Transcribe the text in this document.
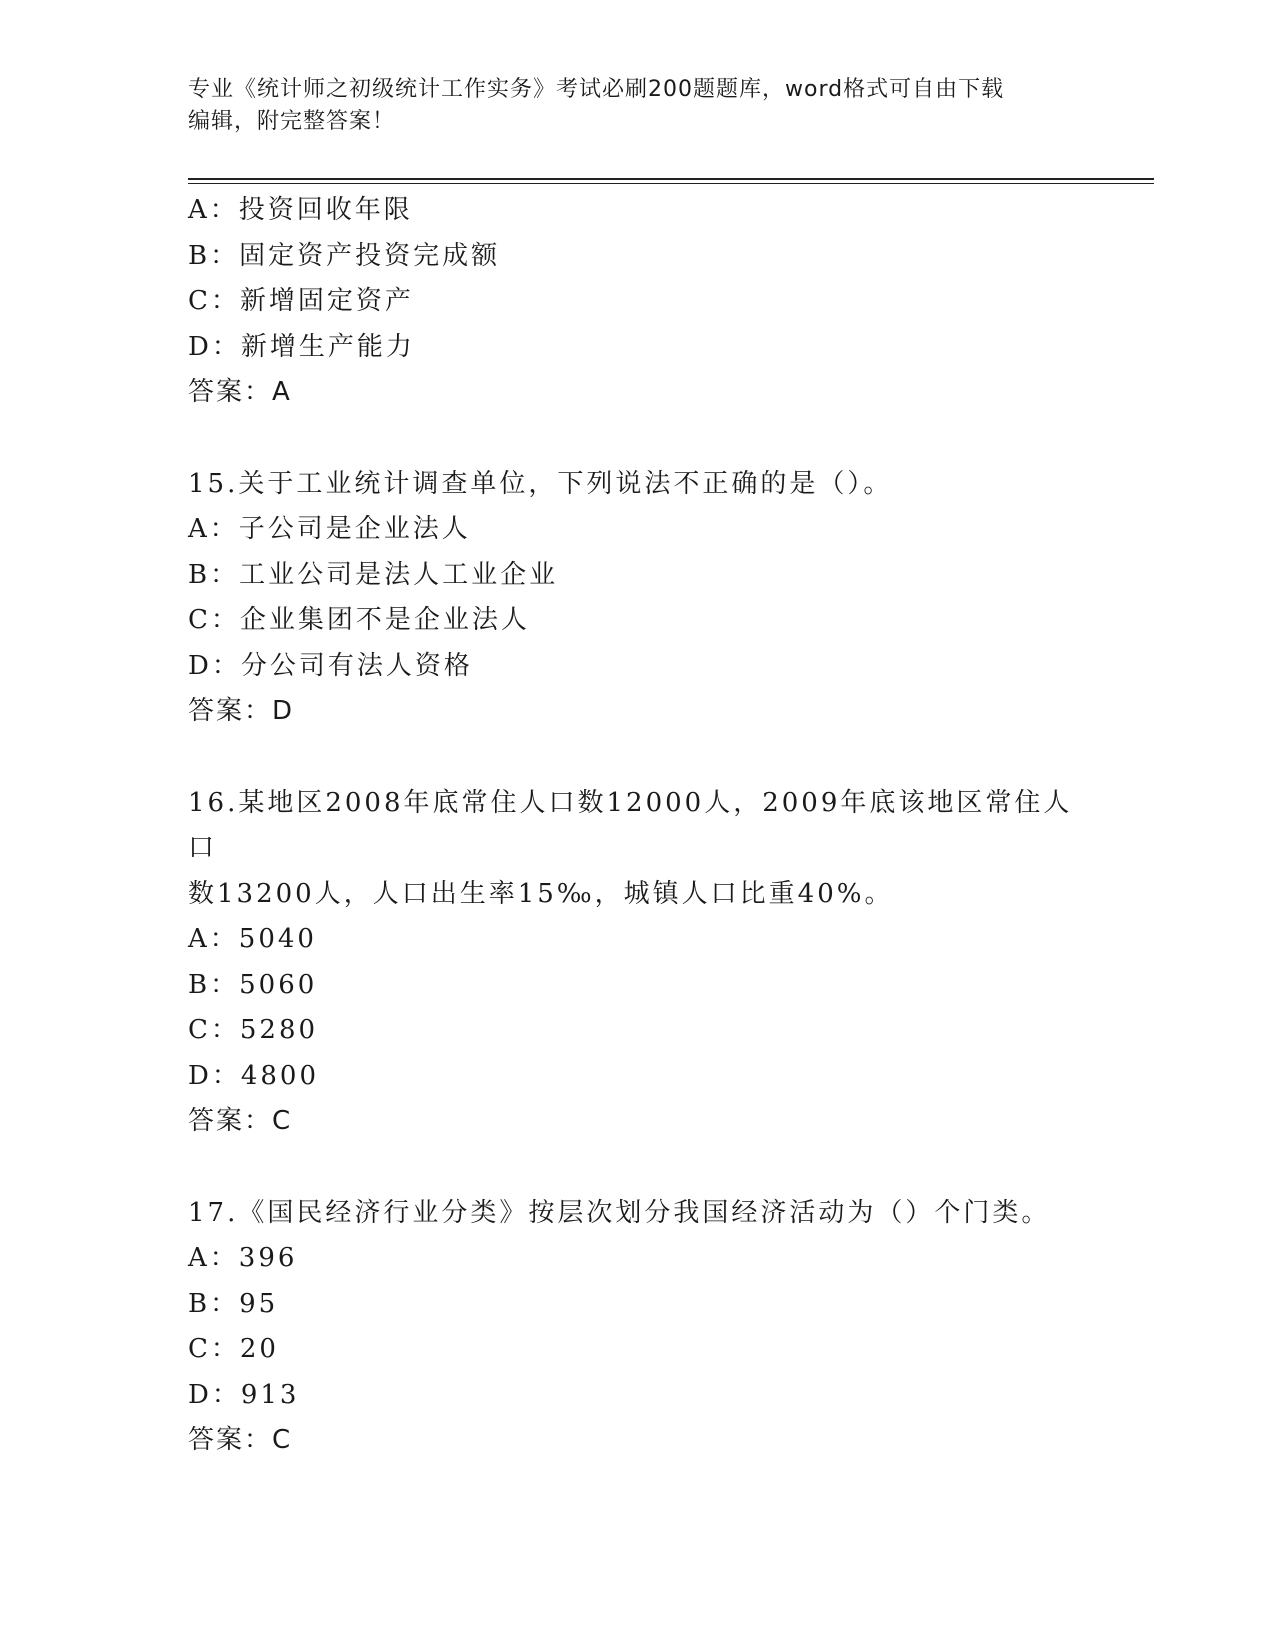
专业《统计师之初级统计工作实务》考试必刷200题题库，word格式可自由下载
编辑，附完整答案！
A：投资回收年限
B：固定资产投资完成额
C：新增固定资产
D：新增生产能力
答案：A
15.关于工业统计调查单位，下列说法不正确的是（）。
A：子公司是企业法人
B：工业公司是法人工业企业
C：企业集团不是企业法人
D：分公司有法人资格
答案：D
16.某地区2008年底常住人口数12000人，2009年底该地区常住人口
数13200人，人口出生率15‰，城镇人口比重40%。
A：5040
B：5060
C：5280
D：4800
答案：C
17.《国民经济行业分类》按层次划分我国经济活动为（）个门类。
A：396
B：95
C：20
D：913
答案：C
